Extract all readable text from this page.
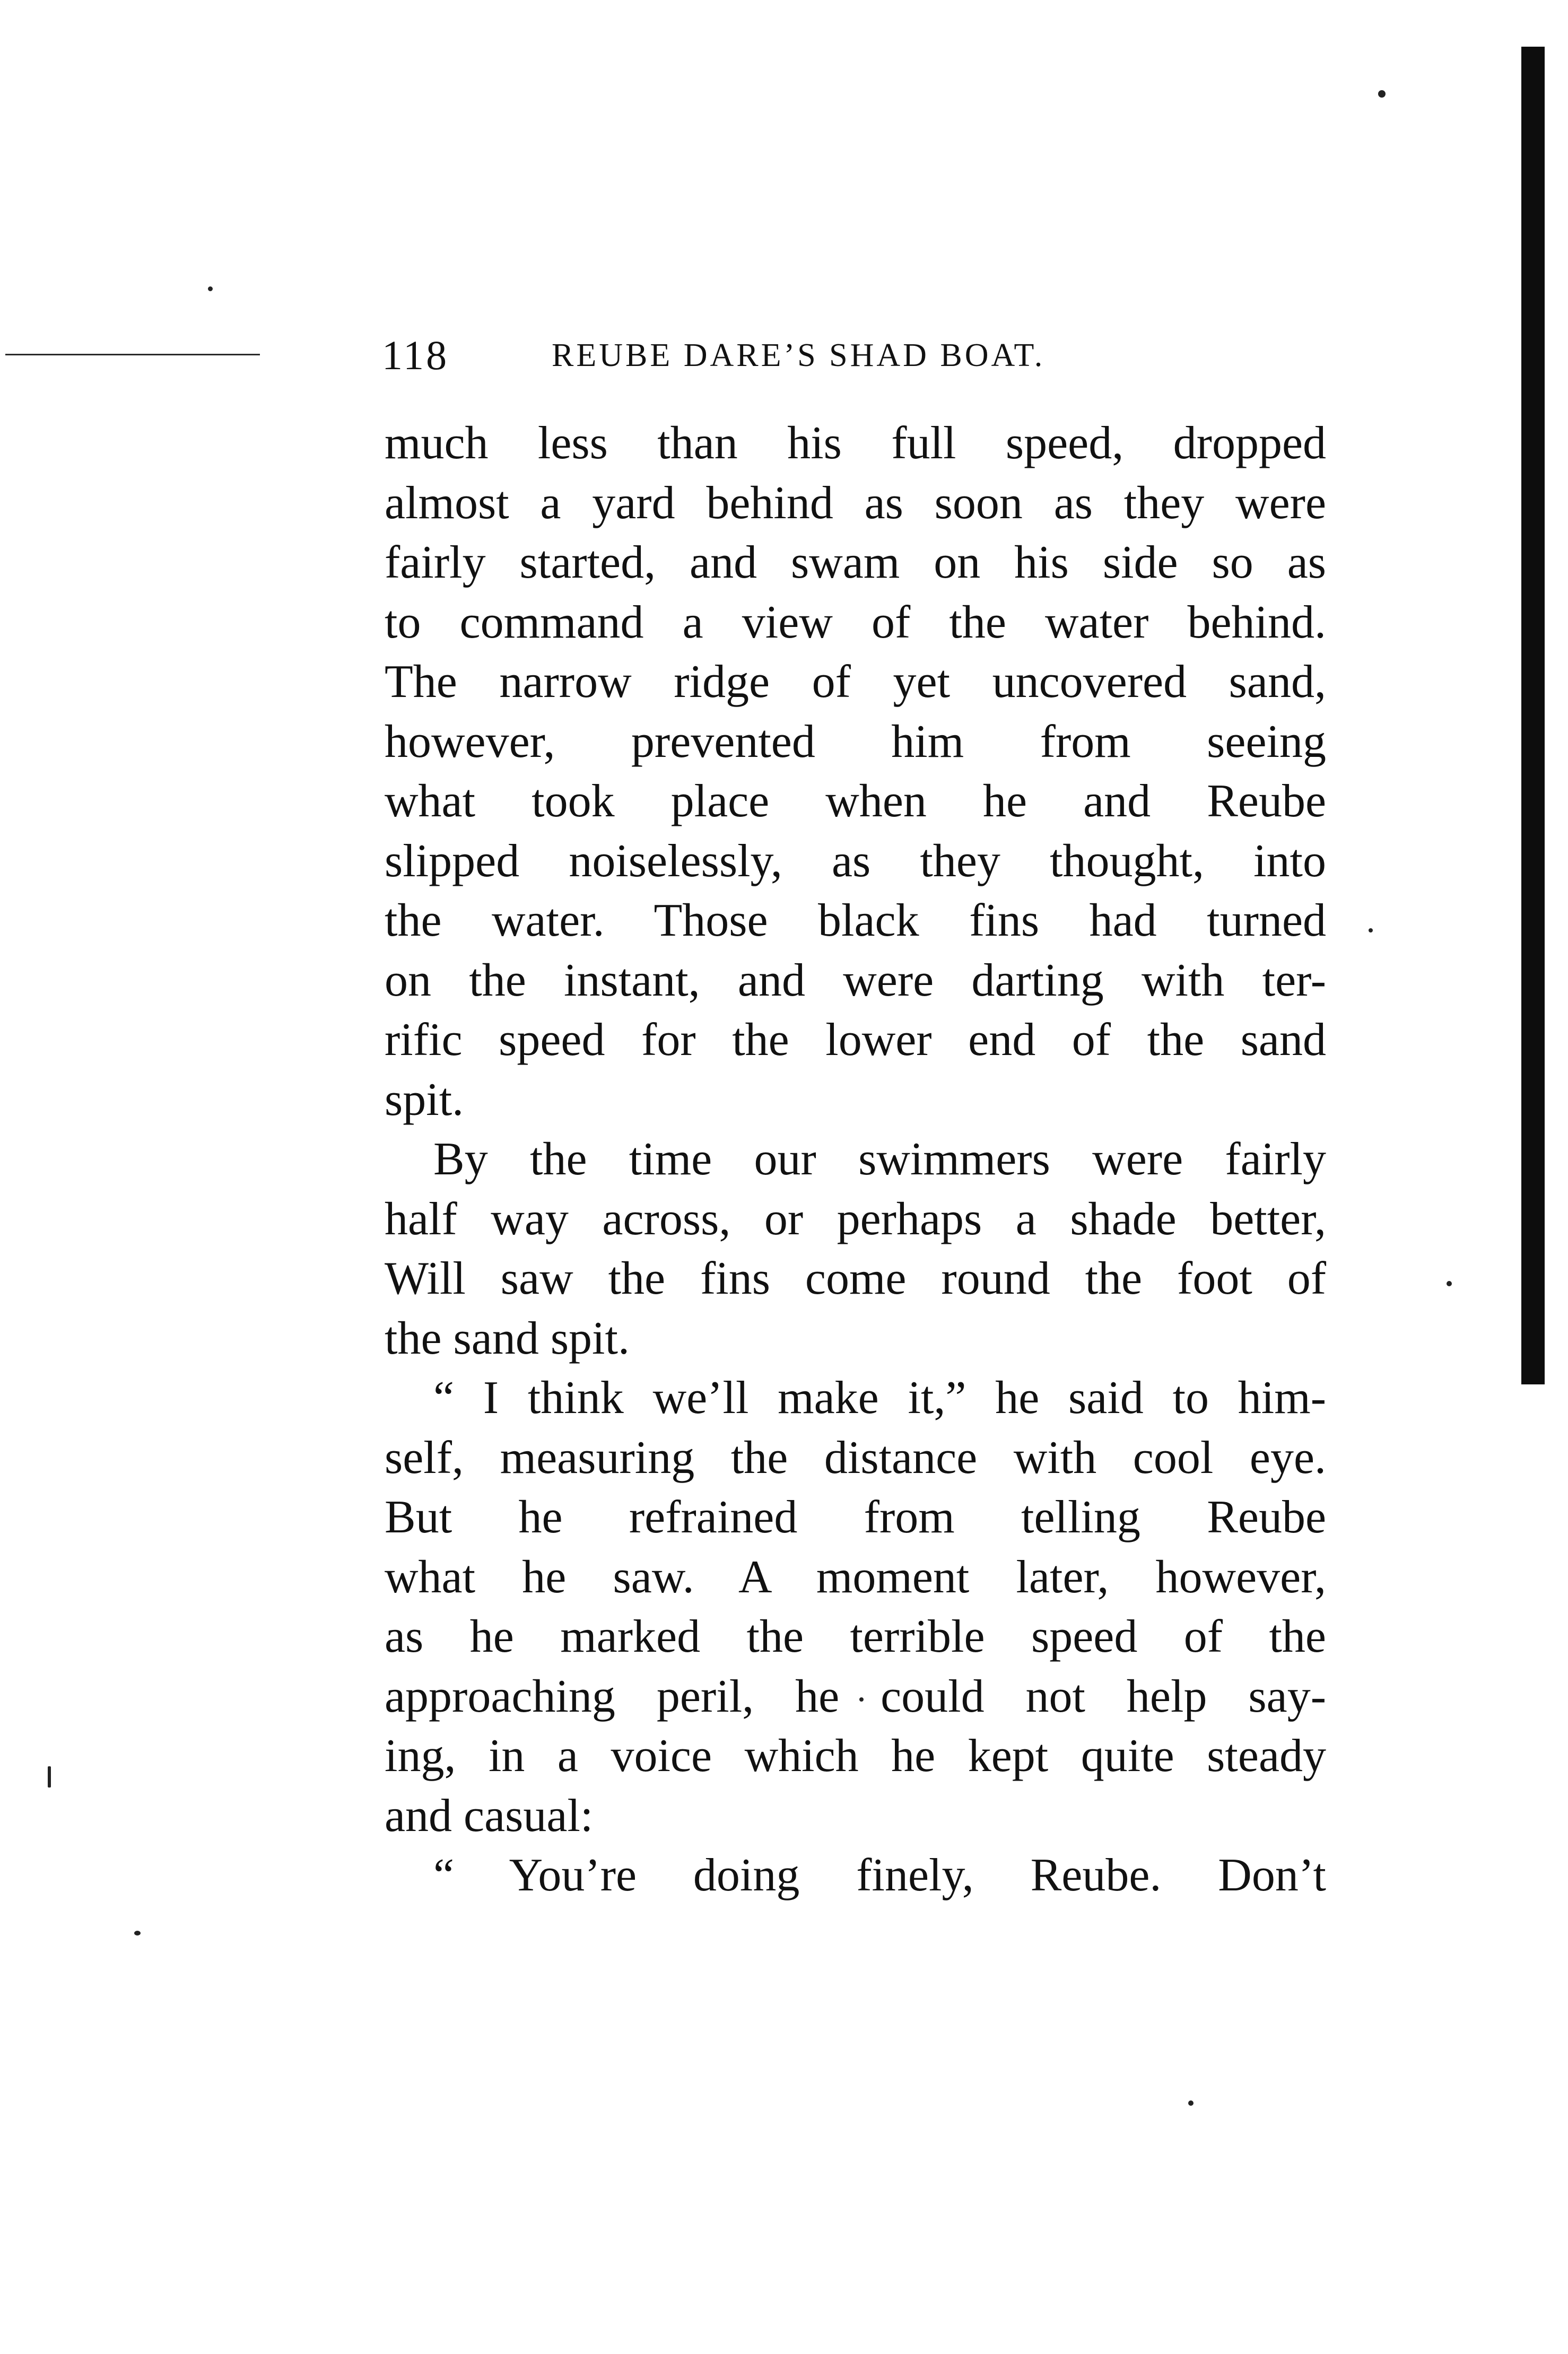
118	REUBE DARE’S SHAD BOAT.
much less than his full speed, dropped
almost a yard behind as soon as they were
fairly started, and swam on his side so as
to command a view of the water behind.
The narrow ridge of yet uncovered sand,
however, prevented him from seeing
what took place when he and Reube
slipped noiselessly, as they thought, into
the water. Those black fins had turned
on the instant, and were darting with ter-
rific speed for the lower end of the sand
spit.
By the time our swimmers were fairly
half way across, or perhaps a shade better,
Will saw the fins come round the foot of
the sand spit.
“ I think we’ll make it,” he said to him-
self, measuring the distance with cool eye.
But he refrained from telling Reube
what he saw. A moment later, however,
as he marked the terrible speed of the
approaching peril, he could not help say-
ing, in a voice which he kept quite steady
and casual:
“ You’re doing finely, Reube. Don’t
